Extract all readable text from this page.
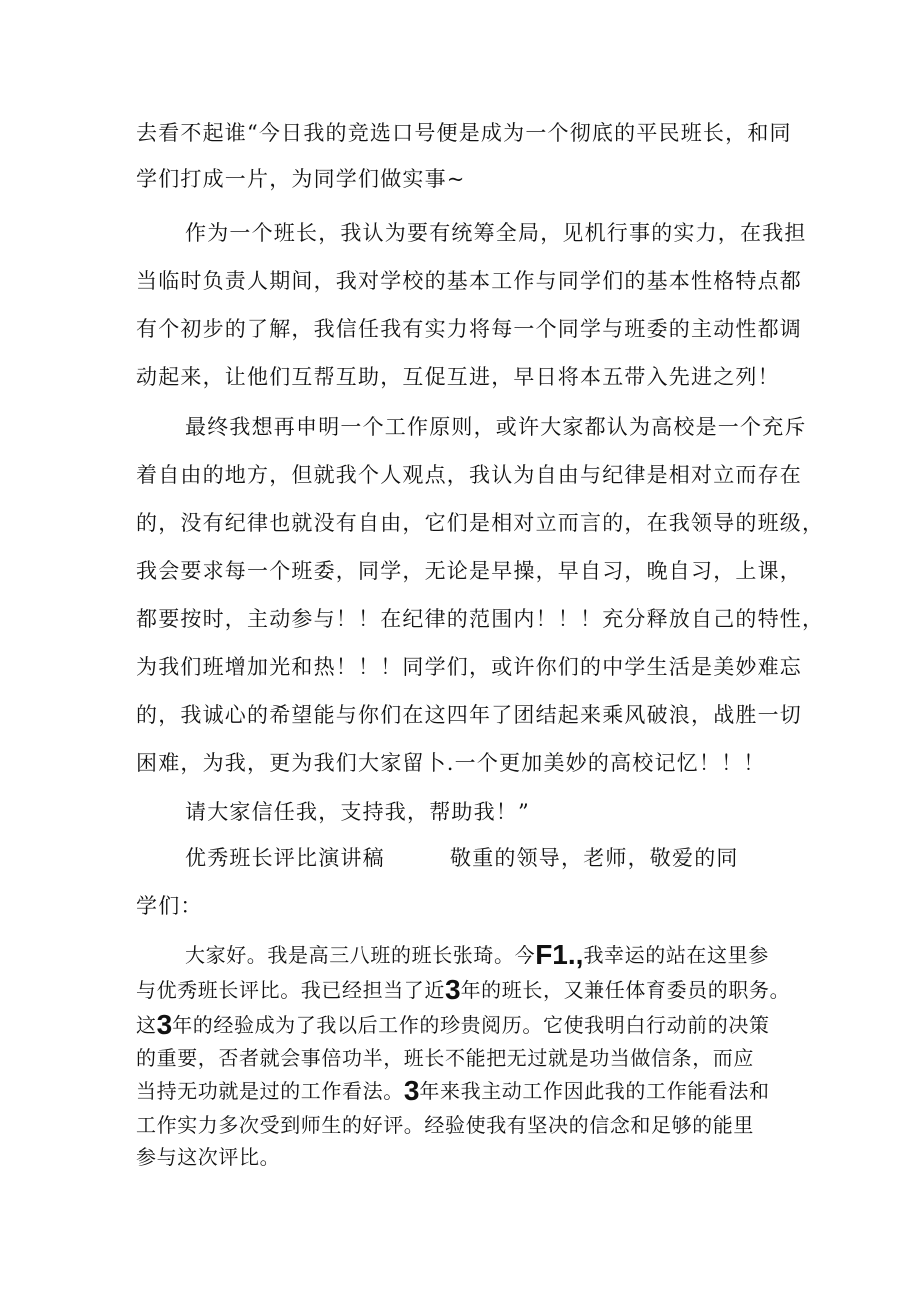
去看不起谁“今日我的竞选口号便是成为一个彻底的平民班长，和同
学们打成一片，为同学们做实事~
作为一个班长，我认为要有统筹全局，见机行事的实力，在我担
当临时负责人期间，我对学校的基本工作与同学们的基本性格特点都
有个初步的了解，我信任我有实力将每一个同学与班委的主动性都调
动起来，让他们互帮互助，互促互进，早日将本五带入先进之列！
最终我想再申明一个工作原则，或许大家都认为高校是一个充斥
着自由的地方，但就我个人观点，我认为自由与纪律是相对立而存在
的，没有纪律也就没有自由，它们是相对立而言的，在我领导的班级，
我会要求每一个班委，同学，无论是早操，早自习，晚自习，上课，
都要按时，主动参与！！在纪律的范围内！！！充分释放自己的特性，
为我们班增加光和热！！！同学们，或许你们的中学生活是美妙难忘
的，我诚心的希望能与你们在这四年了团结起来乘风破浪，战胜一切
困难，为我，更为我们大家留卜.一个更加美妙的高校记忆！！！
请大家信任我，支持我，帮助我！”
优秀班长评比演讲稿	敬重的领导，老师，敬爱的同
学们：
大家好。我是高三八班的班长张琦。今F1.,我幸运的站在这里参
与优秀班长评比。我已经担当了近3年的班长，又兼任体育委员的职务。
这3年的经验成为了我以后工作的珍贵阅历。它使我明白行动前的决策
的重要，否者就会事倍功半，班长不能把无过就是功当做信条，而应
当持无功就是过的工作看法。3年来我主动工作因此我的工作能看法和
工作实力多次受到师生的好评。经验使我有坚决的信念和足够的能里
参与这次评比。
